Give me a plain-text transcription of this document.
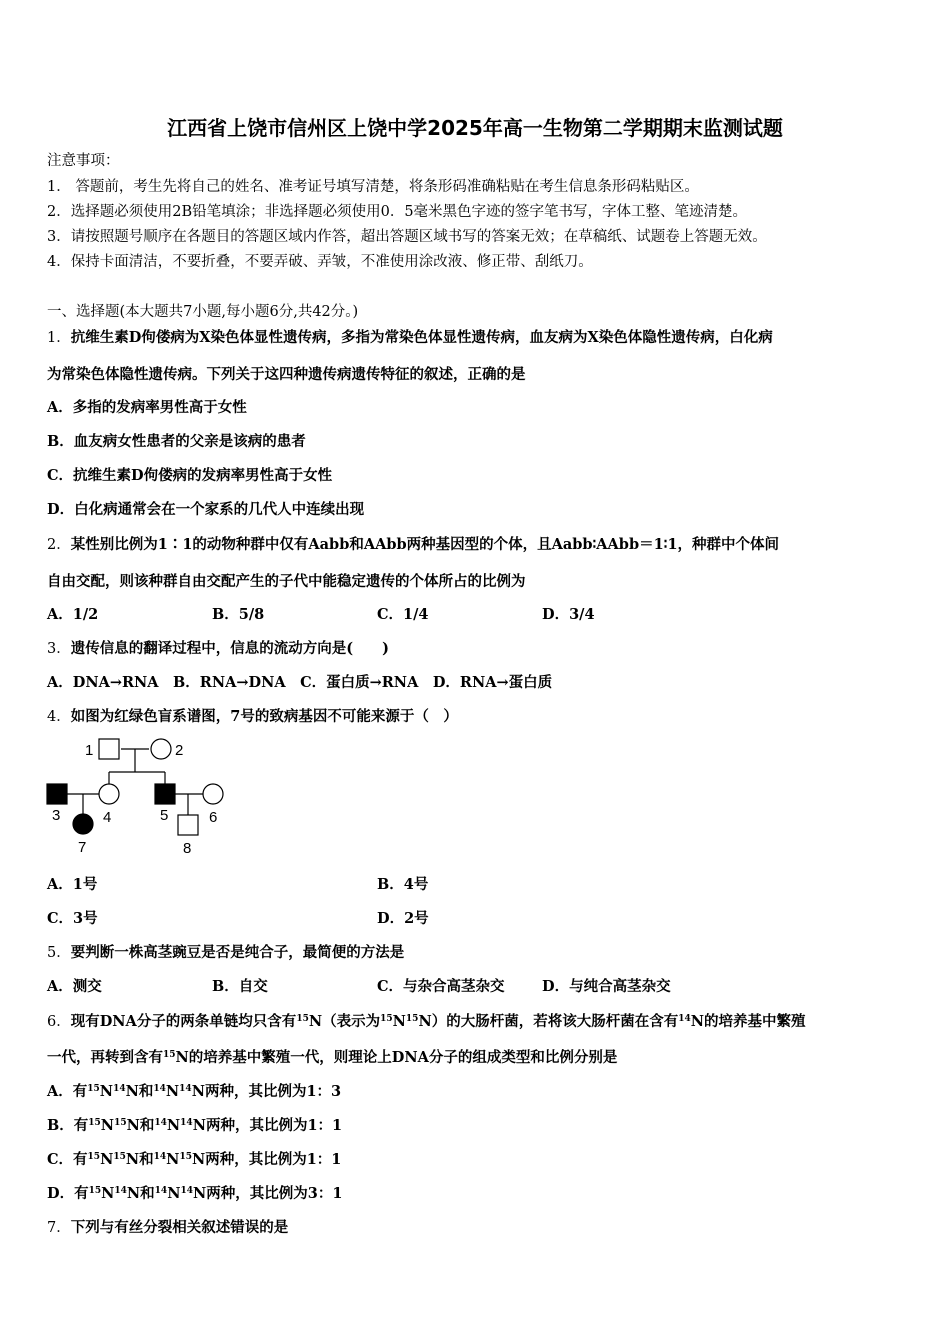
江西省上饶市信州区上饶中学2025年高一生物第二学期期末监测试题
注意事项：
1． 答题前，考生先将自己的姓名、准考证号填写清楚，将条形码准确粘贴在考生信息条形码粘贴区。
2．选择题必须使用2B铅笔填涂；非选择题必须使用0．5毫米黑色字迹的签字笔书写，字体工整、笔迹清楚。
3．请按照题号顺序在各题目的答题区域内作答，超出答题区域书写的答案无效；在草稿纸、试题卷上答题无效。
4．保持卡面清洁，不要折叠，不要弄破、弄皱，不准使用涂改液、修正带、刮纸刀。
一、选择题(本大题共7小题,每小题6分,共42分。)
1．抗维生素D佝偻病为X染色体显性遗传病，多指为常染色体显性遗传病，血友病为X染色体隐性遗传病，白化病
为常染色体隐性遗传病。下列关于这四种遗传病遗传特征的叙述，正确的是
A．多指的发病率男性高于女性
B．血友病女性患者的父亲是该病的患者
C．抗维生素D佝偻病的发病率男性高于女性
D．白化病通常会在一个家系的几代人中连续出现
2．某性别比例为1∶1的动物种群中仅有Aabb和AAbb两种基因型的个体，且Aabb∶AAbb＝1∶1，种群中个体间
自由交配，则该种群自由交配产生的子代中能稳定遗传的个体所占的比例为
A．1/2	B．5/8	C．1/4	D．3/4
3．遗传信息的翻译过程中，信息的流动方向是(　　)
A．DNA→RNA　B．RNA→DNA　C．蛋白质→RNA　D．RNA→蛋白质
4．如图为红绿色盲系谱图，7号的致病基因不可能来源于（　）
1	2
3	4	5	6
7	8
A．1号	B．4号
C．3号	D．2号
5．要判断一株高茎豌豆是否是纯合子，最简便的方法是
A．测交	B．自交	C．与杂合高茎杂交	D．与纯合高茎杂交
6．现有DNA分子的两条单链均只含有$^{15}$N（表示为$^{15}N^{15}N$）的大肠杆菌，若将该大肠杆菌在含有$^{14}$N的培养基中繁殖
一代，再转到含有$^{15}$N的培养基中繁殖一代，则理论上DNA分子的组成类型和比例分别是
A．有$^{15}N^{14}N$和$^{14}N^{14}N$两种，其比例为1：3
B．有$^{15}N^{15}N$和$^{14}N^{14}N$两种，其比例为1：1
C．有$^{15}N^{15}N$和$^{14}N^{15}N$两种，其比例为1：1
D．有$^{15}N^{14}N$和$^{14}N^{14}N$两种，其比例为3：1
7．下列与有丝分裂相关叙述错误的是
